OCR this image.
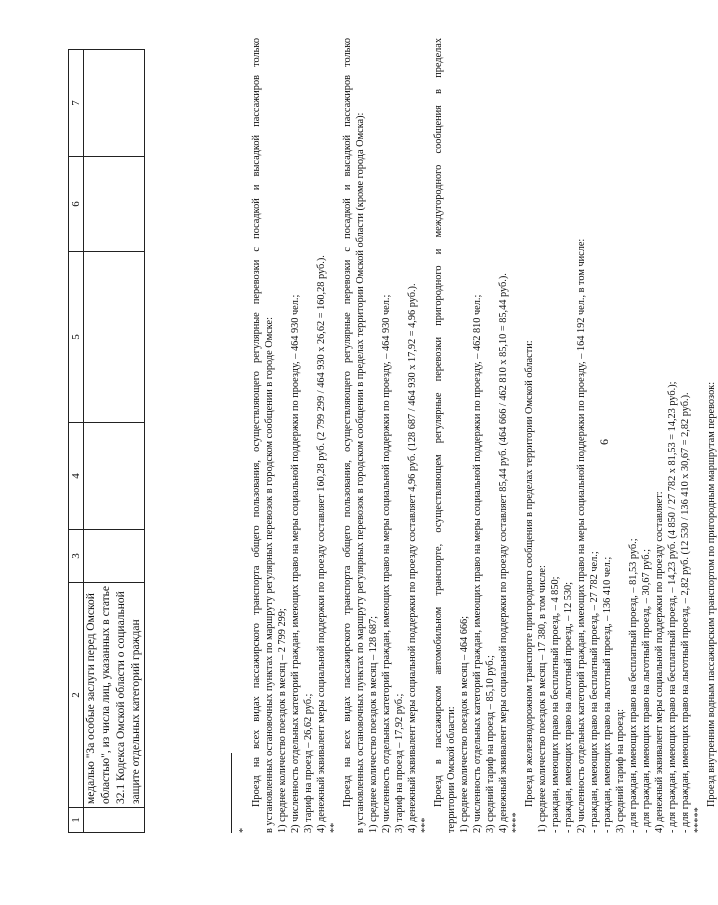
6
1	2	3	4	5	6	7

	медалью "За особые заслуги перед Омской областью", из числа лиц, указанных в статье 32.1 Кодекса Омской области о социальной защите отдельных категорий граждан					

*
Проезд на всех видах пассажирского транспорта общего пользования, осуществляющего регулярные перевозки с посадкой и высадкой пассажиров только в установленных остановочных пунктах по маршруту регулярных перевозок в городском сообщении в городе Омске: 1) среднее количество поездок в месяц – 2 799 299; 2) численность отдельных категорий граждан, имеющих право на меры социальной поддержки по проезду, – 464 930 чел.; 3) тариф на проезд – 26,62 руб.; 4) денежный эквивалент меры социальной поддержки по проезду составляет 160,28 руб. (2 799 299 / 464 930 х 26,62 = 160,28 руб.). **
Проезд на всех видах пассажирского транспорта общего пользования, осуществляющего регулярные перевозки с посадкой и высадкой пассажиров только в установленных остановочных пунктах по маршруту регулярных перевозок в городском сообщении в пределах территории Омской области (кроме города Омска): 1) среднее количество поездок в месяц – 128 687; 2) численность отдельных категорий граждан, имеющих право на меры социальной поддержки по проезду, – 464 930 чел.; 3) тариф на проезд – 17,92 руб.; 4) денежный эквивалент меры социальной поддержки по проезду составляет 4,96 руб. (128 687 / 464 930 х 17,92 = 4,96 руб.). ***
Проезд в пассажирском автомобильном транспорте, осуществляющем регулярные перевозки пригородного и междугородного сообщения в пределах территории Омской области: 1) среднее количество поездок в месяц – 464 666; 2) численность отдельных категорий граждан, имеющих право на меры социальной поддержки по проезду, – 462 810 чел.; 3) средний тариф на проезд – 85,10 руб.; 4) денежный эквивалент меры социальной поддержки по проезду составляет 85,44 руб. (464 666 / 462 810 х 85,10 = 85,44 руб.). ****
Проезд в железнодорожном транспорте пригородного сообщения в пределах территории Омской области: 1) среднее количество поездок в месяц – 17 380, в том числе: - граждан, имеющих право на бесплатный проезд, – 4 850; - граждан, имеющих право на льготный проезд, – 12 530; 2) численность отдельных категорий граждан, имеющих право на меры социальной поддержки по проезду, – 164 192 чел., в том числе: - граждан, имеющих право на бесплатный проезд, – 27 782 чел.; - граждан, имеющих право на льготный проезд, – 136 410 чел.; 3) средний тариф на проезд: - для граждан, имеющих право на бесплатный проезд, – 81,53 руб.; - для граждан, имеющих право на льготный проезд, – 30,67 руб.; 4) денежный эквивалент меры социальной поддержки по проезду составляет: - для граждан, имеющих право на бесплатный проезд, – 14,23 руб. (4 850 / 27 782 х 81,53 = 14,23 руб.); - для граждан, имеющих право на льготный проезд, – 2,82 руб. (12 530 / 136 410 х 30,67 = 2,82 руб.). *****
Проезд внутренним водным пассажирским транспортом по пригородным маршрутам перевозок:
